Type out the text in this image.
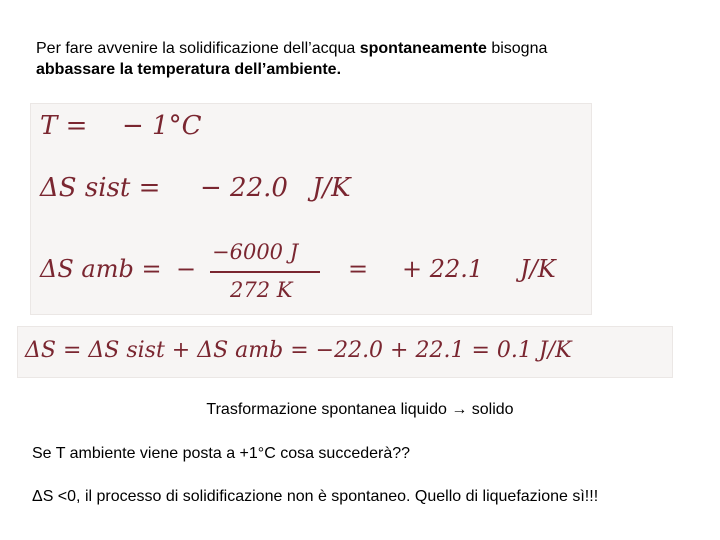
Per fare avvenire la solidificazione dell’acqua spontaneamente bisogna
abbassare la temperatura dell’ambiente.
T = − 1°C
ΔS sist = − 22.0 J/K
ΔS amb = −
−6000 J
272 K
= + 22.1 J/K
ΔS = ΔS sist + ΔS amb = −22.0 + 22.1 = 0.1 J/K
Trasformazione spontanea liquido → solido
Se T ambiente viene posta a +1°C cosa succederà??
ΔS <0, il processo di solidificazione non è spontaneo. Quello di liquefazione sì!!!
